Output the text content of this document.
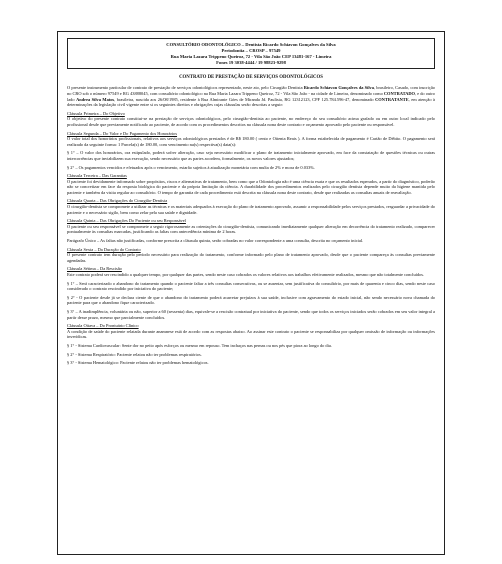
CONSULTÓRIO ODONTOLÓGICO – Dentista Ricardo Schiavon Gonçalves da Silva
Periodontia – CROSP – 97549
Rua Maria Lazara Trippeno Queiroz, 72 - Vila São João CEP 13481-167 - Limeira
Fones 19 3038-4444 / 19 98823-9298
CONTRATO DE PRESTAÇÃO DE SERVIÇOS ODONTOLÓGICOS
O presente instrumento particular de contrato de prestação de serviços odontológicos representado, neste ato, pelo Cirurgião Dentista Ricardo Schiavon Gonçalves da Silva, brasileiro, Casado, com inscrição no CRO sob o número 97549 e RG 43888045, com consultório odontológico na Rua Maria Lazara Trippeno Queiroz, 72 - Vila São João - na cidade de Limeira, denominado como CONTRATADO, e do outro lado Andrea Silva Matos, brasileira, nascida aos 26/08/1985, residente à Rua Almirante Góes de Miranda Jd. Paulista, RG 12312123, CPF 125.784.596-47, denominado CONTRATANTE, em atenção à determinações da legislação civil vigente entre si os seguintes direitos e obrigações cujas cláusulas serão descritas a seguir:
Cláusula Primeira – Do Objetivo
O objetivo do presente contrato constitui-se na prestação de serviços odontológicos, pelo cirurgião-dentista ao paciente, no endereço do seu consultório acima grafado ou em outro local indicado pelo profissional desde que previamente notificado ao paciente, de acordo com os procedimentos descritos na cláusula nona deste contrato e orçamento aprovado pelo paciente ou responsável.
Cláusula Segunda – Do Valor e Do Pagamento dos Honorários
O valor total dos honorários profissionais, relativos aos serviços odontológicos prestados é de R$ 180.00 ( cento e Oitenta Reais ). A forma estabelecida de pagamento é Cartão de Débito. O pagamento será realizado da seguinte forma: 1 Parcela(s) de 180.00, com vencimento na(s) respectiva(s) data(s):
§ 1° – O valor dos honorários, ora estipulado, poderá sofrer alteração, caso seja necessário modificar o plano de tratamento inicialmente aprovado, em face da constatação de questões técnicas ou outras intercorrências que inviabilizem sua execução, sendo necessário que as partes acordem, formalmente, os novos valores ajustados;
§ 2° – Os pagamentos vencidos e efetuados após o vencimento, estarão sujeitos à atualização monetária com multa de 2% e mora de 0.033%.
Cláusula Terceira – Das Garantias
O paciente foi devidamente informado sobre propósitos, riscos e alternativas de tratamento, bem como que a Odontologia não é uma ciência exata e que os resultados esperados, a partir do diagnóstico, poderão não se concretizar em face da resposta biológica do paciente e da própria limitação da ciência. A durabilidade dos procedimentos realizados pelo cirurgião dentista depende muito da higiene mantida pelo paciente e também da visita regular ao consultório. O tempo de garantia de cada procedimento está descrita na cláusula nona deste contrato, desde que realizadas as consultas anuais de reavaliação.
Cláusula Quarta – Das Obrigações do Cirurgião-Dentista
O cirurgião-dentista se compromete a utilizar as técnicas e os materiais adequados à execução do plano de tratamento aprovado, assumir a responsabilidade pelos serviços prestados, resguardar a privacidade do paciente e o necessário sigilo, bem como zelar pela sua saúde e dignidade.
Cláusula Quinta – Das Obrigações Do Paciente ou seu Responsável
O paciente ou seu responsável se compromete a seguir rigorosamente as orientações do cirurgião-dentista, comunicando imediatamente qualquer alteração em decorrência do tratamento realizado, comparecer pontualmente às consultas marcadas, justificando as faltas com antecedência mínima de 2 horas.
Parágrafo Único – As faltas não justificadas, conforme prescrita a cláusula quinta, serão cobradas no valor correspondente a uma consulta, descrita no orçamento inicial.
Cláusula Sexta – Da Duração do Contrato
O presente contrato tem duração pelo período necessário para realização do tratamento, conforme informado pelo plano de tratamento aprovado, desde que o paciente compareça às consultas previamente agendadas.
Cláusula Sétima – Da Rescisão
Este contrato poderá ser rescindido a qualquer tempo, por qualquer das partes, sendo neste caso cobrados os valores relativos aos trabalhos efetivamente realizados, mesmo que não totalmente concluídos.
§ 1° – Será caracterizado o abandono do tratamento quando o paciente faltar a três consultas consecutivas, ou se ausentar, sem justificativa do consultório, por mais de quarenta e cinco dias, sendo neste caso considerado o contrato rescindido por iniciativa do paciente;
§ 2° - O paciente desde já se declara ciente de que o abandono do tratamento poderá acarretar prejuízos à sua saúde, inclusive com agravamento do estado inicial, não sendo necessário nova chamada do paciente para que o abandono fique caracterizado.
§ 3° – A inadimplência, voluntária ou não, superior a 60 (sessenta) dias, equivale-se a rescisão contratual por iniciativa do paciente, sendo que todos os serviços iniciados serão cobrados em seu valor integral a partir desse prazo, mesmo que parcialmente concluídos.
Cláusula Oitava – Do Prontuário Clínico
A condição de saúde do paciente relatada durante anamnese está de acordo com as respostas abaixo. Ao assinar este contrato o paciente se responsabiliza por qualquer omissão de informação ou informações inverídicas.
§ 1° - Sistema Cardiovascular: Sente dor no peito após esforços ou mesmo em repouso. Tem inchaços nas pernas ou nos pés que piora ao longo do dia.
§ 2° - Sistema Respiratório: Paciente relatou não ter problemas respiratórios.
§ 3° - Sistema Hematológico: Paciente relatou não ter problemas hematológicos.
